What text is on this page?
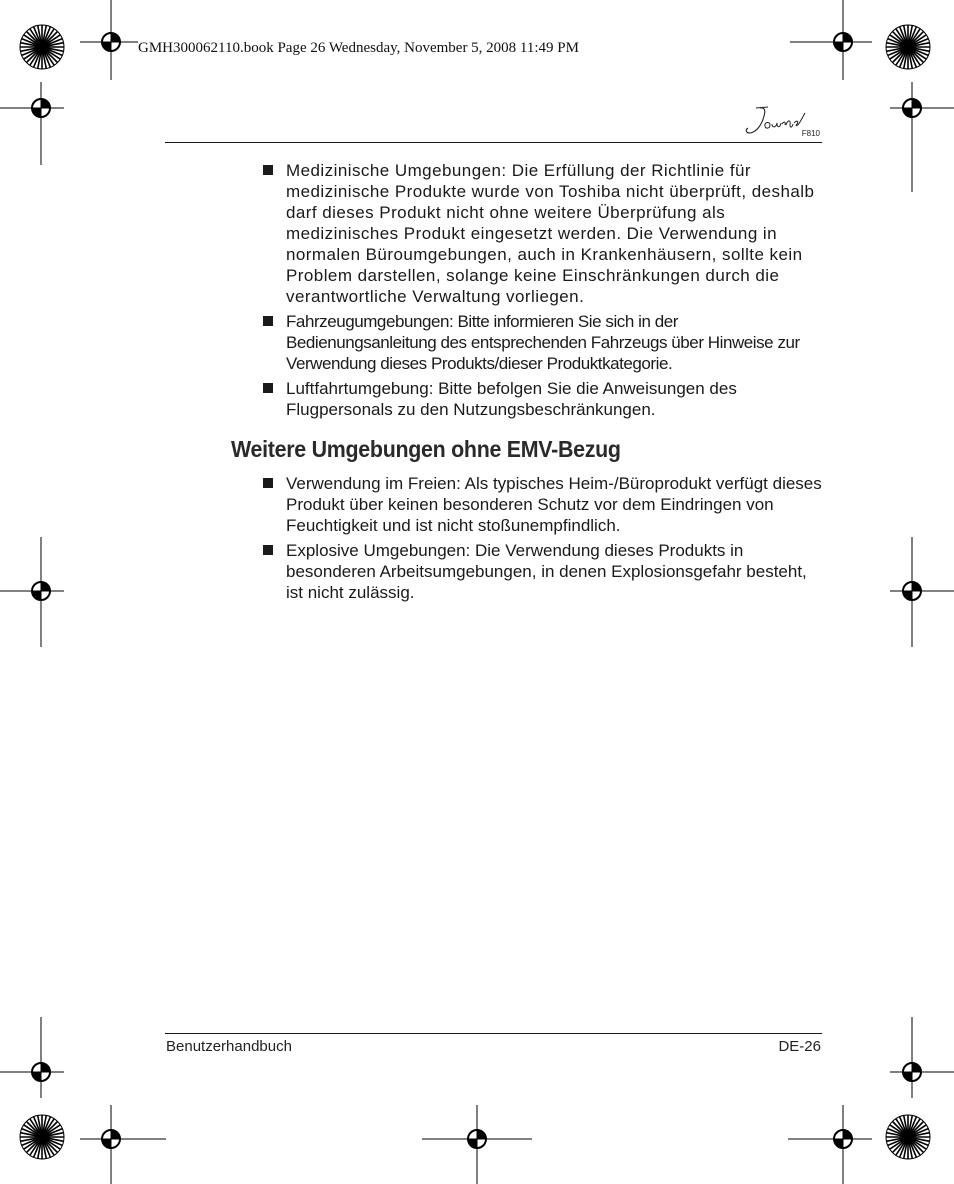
GMH300062110.book Page 26 Wednesday, November 5, 2008 11:49 PM
F810
Medizinische Umgebungen: Die Erfüllung der Richtlinie für medizinische Produkte wurde von Toshiba nicht überprüft, deshalb darf dieses Produkt nicht ohne weitere Überprüfung als medizinisches Produkt eingesetzt werden. Die Verwendung in normalen Büroumgebungen, auch in Krankenhäusern, sollte kein Problem darstellen, solange keine Einschränkungen durch die verantwortliche Verwaltung vorliegen.
Fahrzeugumgebungen: Bitte informieren Sie sich in der Bedienungsanleitung des entsprechenden Fahrzeugs über Hinweise zur Verwendung dieses Produkts/dieser Produktkategorie.
Luftfahrtumgebung: Bitte befolgen Sie die Anweisungen des Flugpersonals zu den Nutzungsbeschränkungen.
Weitere Umgebungen ohne EMV-Bezug
Verwendung im Freien: Als typisches Heim-/Büroprodukt verfügt dieses Produkt über keinen besonderen Schutz vor dem Eindringen von Feuchtigkeit und ist nicht stoßunempfindlich.
Explosive Umgebungen: Die Verwendung dieses Produkts in besonderen Arbeitsumgebungen, in denen Explosionsgefahr besteht, ist nicht zulässig.
Benutzerhandbuch	DE-26
